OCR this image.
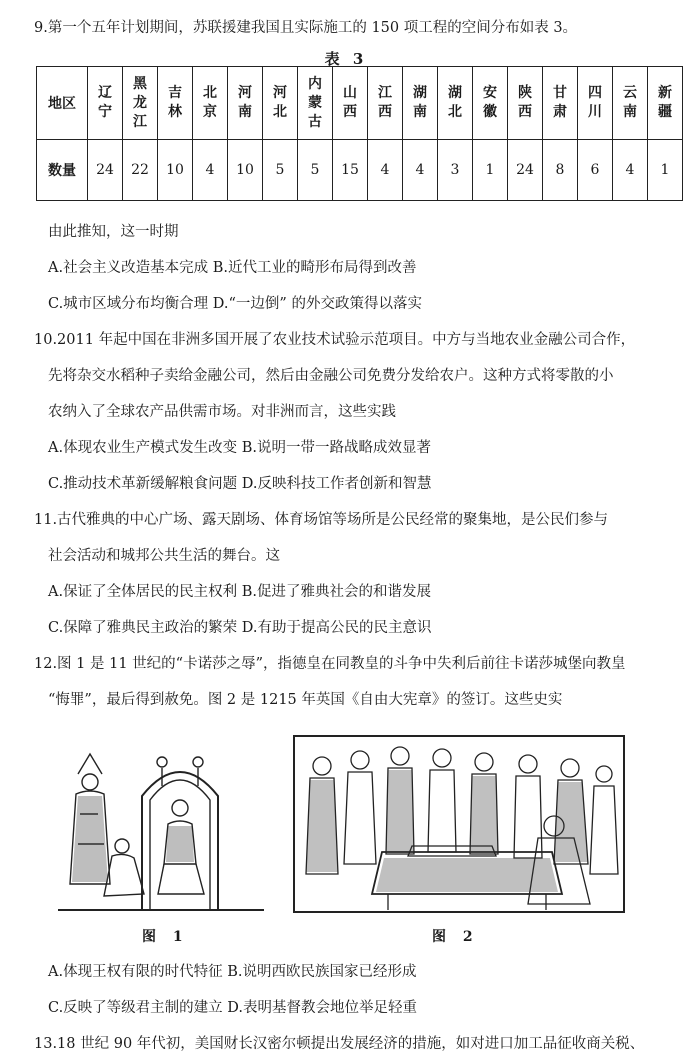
9.第一个五年计划期间，苏联援建我国且实际施工的 150 项工程的空间分布如表 3。
表 3
地区	辽宁	黑龙江	吉林	北京	河南	河北	内蒙古	山西	江西	湖南	湖北	安徽	陕西	甘肃	四川	云南	新疆
数量	24	22	10	4	10	5	5	15	4	4	3	1	24	8	6	4	1
由此推知，这一时期
A.社会主义改造基本完成 B.近代工业的畸形布局得到改善
C.城市区域分布均衡合理 D.“一边倒” 的外交政策得以落实
10.2011 年起中国在非洲多国开展了农业技术试验示范项目。中方与当地农业金融公司合作，
先将杂交水稻种子卖给金融公司，然后由金融公司免费分发给农户。这种方式将零散的小
农纳入了全球农产品供需市场。对非洲而言，这些实践
A.体现农业生产模式发生改变 B.说明一带一路战略成效显著
C.推动技术革新缓解粮食问题 D.反映科技工作者创新和智慧
11.古代雅典的中心广场、露天剧场、体育场馆等场所是公民经常的聚集地，是公民们参与
社会活动和城邦公共生活的舞台。这
A.保证了全体居民的民主权利 B.促进了雅典社会的和谐发展
C.保障了雅典民主政治的繁荣 D.有助于提高公民的民主意识
12.图 1 是 11 世纪的“卡诺莎之辱”，指德皇在同教皇的斗争中失利后前往卡诺莎城堡向教皇
“悔罪”，最后得到赦免。图 2 是 1215 年英国《自由大宪章》的签订。这些史实
图 1	图 2
A.体现王权有限的时代特征 B.说明西欧民族国家已经形成
C.反映了等级君主制的建立 D.表明基督教会地位举足轻重
13.18 世纪 90 年代初，美国财长汉密尔顿提出发展经济的措施，如对进口加工品征收商关税、
